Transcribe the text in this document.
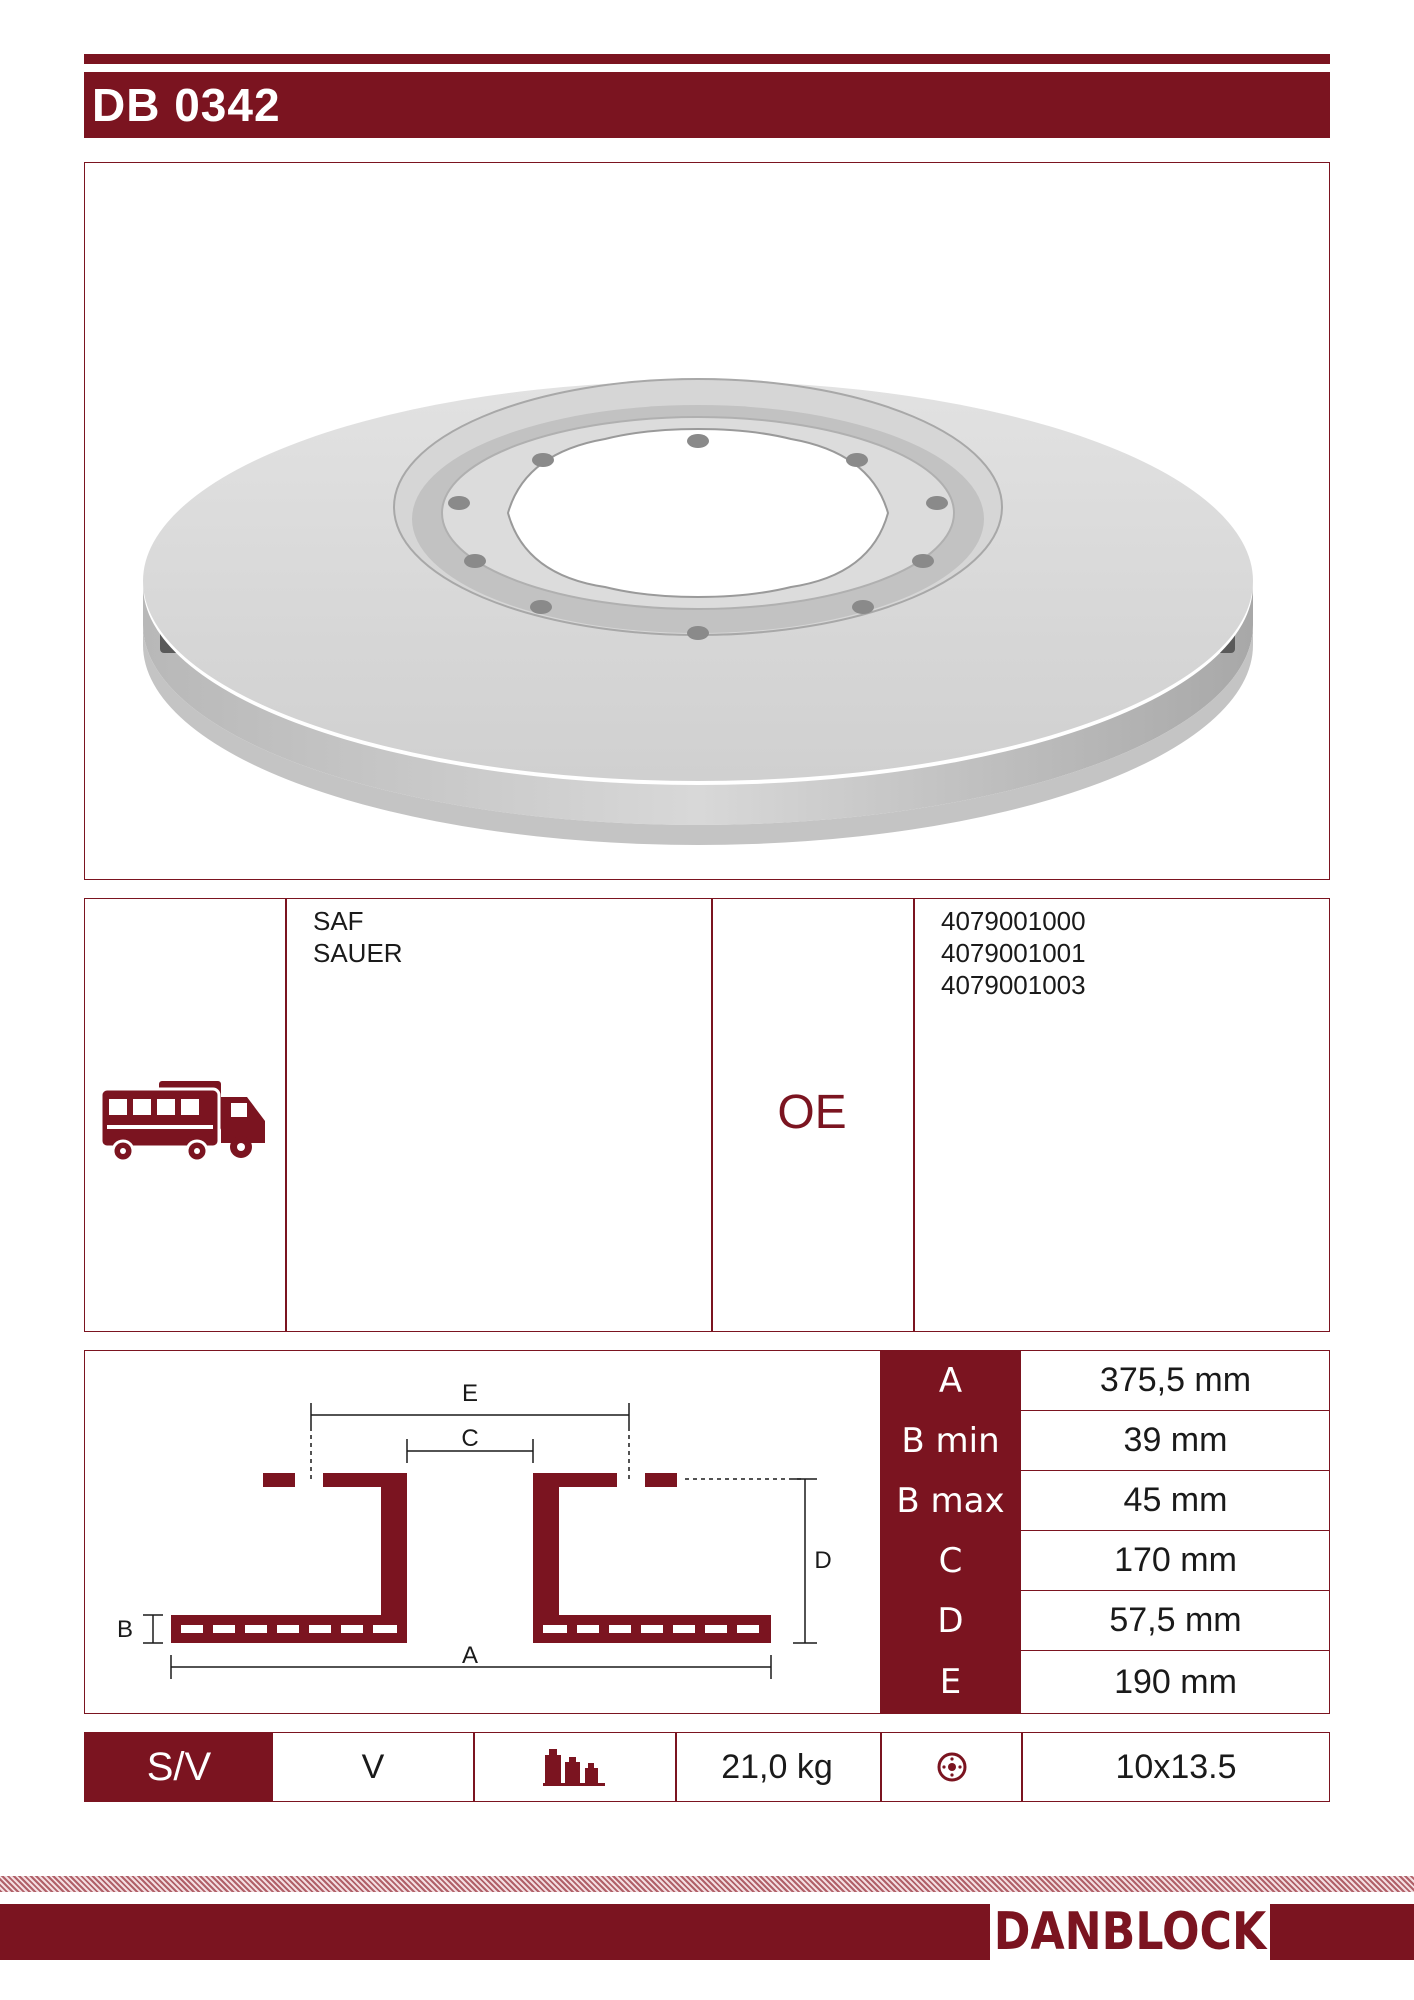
DB 0342
SAF
SAUER
4079001000
4079001001
4079001003
OE
E
C
D
A
B
A	375,5 mm
B min	39 mm
B max	45 mm
C	170 mm
D	57,5 mm
E	190 mm
S/V	V	21,0 kg	10x13.5
DANBLOCK
